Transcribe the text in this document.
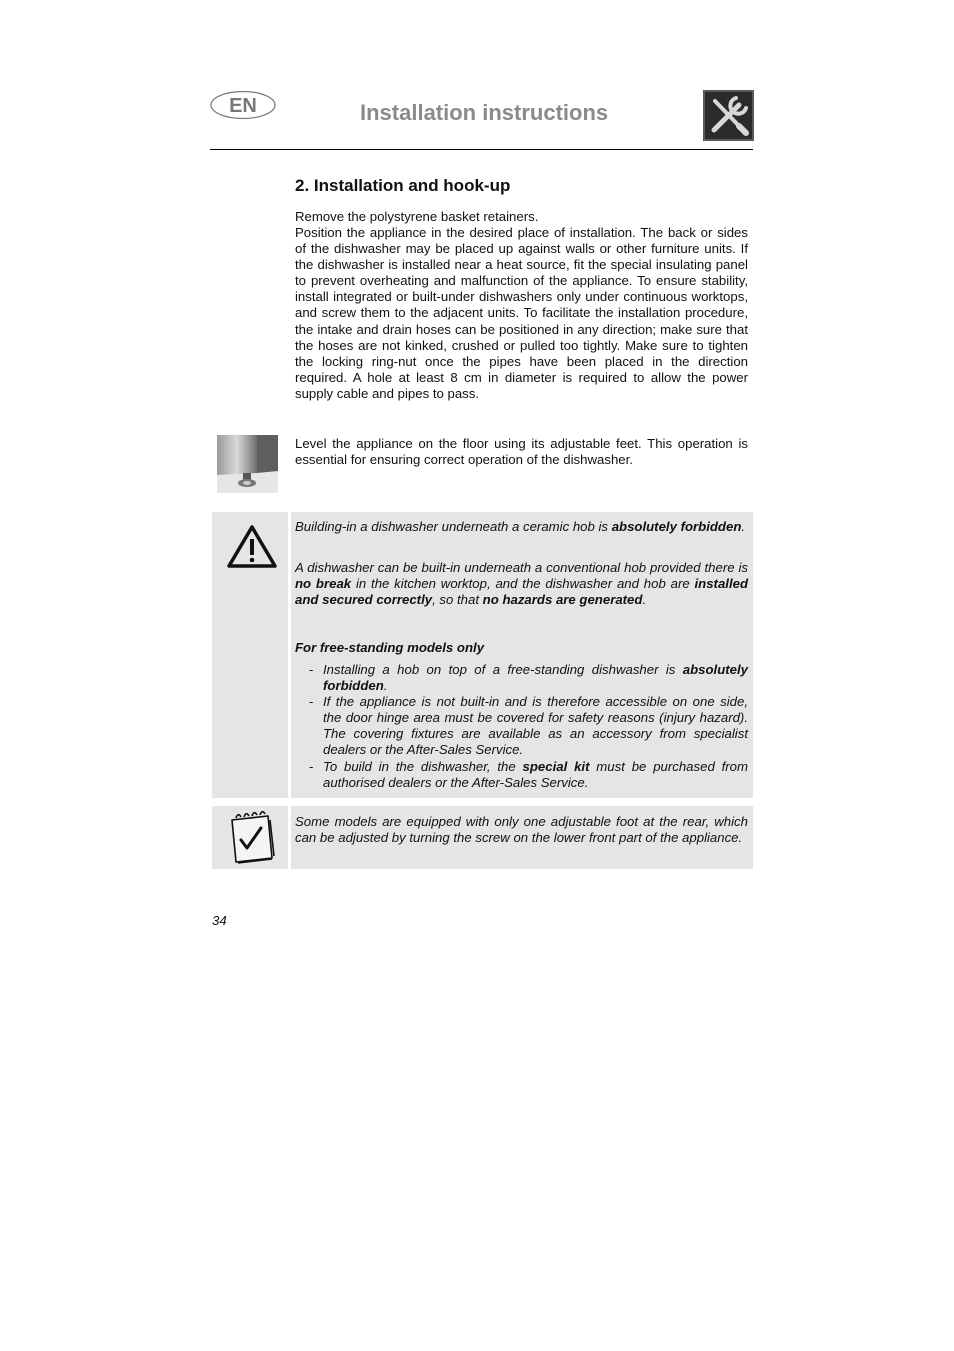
EN	Installation instructions
2. Installation and hook-up
Remove the polystyrene basket retainers.
Position the appliance in the desired place of installation. The back or sides of the dishwasher may be placed up against walls or other furniture units. If the dishwasher is installed near a heat source, fit the special insulating panel to prevent overheating and malfunction of the appliance. To ensure stability, install integrated or built-under dishwashers only under continuous worktops, and screw them to the adjacent units. To facilitate the installation procedure, the intake and drain hoses can be positioned in any direction; make sure that the hoses are not kinked, crushed or pulled too tightly. Make sure to tighten the locking ring-nut once the pipes have been placed in the direction required. A hole at least 8 cm in diameter is required to allow the power supply cable and pipes to pass.
Level the appliance on the floor using its adjustable feet. This operation is essential for ensuring correct operation of the dishwasher.
Building-in a dishwasher underneath a ceramic hob is absolutely forbidden.
A dishwasher can be built-in underneath a conventional hob provided there is no break in the kitchen worktop, and the dishwasher and hob are installed and secured correctly, so that no hazards are generated.
For free-standing models only
- Installing a hob on top of a free-standing dishwasher is absolutely forbidden.
- If the appliance is not built-in and is therefore accessible on one side, the door hinge area must be covered for safety reasons (injury hazard). The covering fixtures are available as an accessory from specialist dealers or the After-Sales Service.
- To build in the dishwasher, the special kit must be purchased from authorised dealers or the After-Sales Service.
Some models are equipped with only one adjustable foot at the rear, which can be adjusted by turning the screw on the lower front part of the appliance.
34
